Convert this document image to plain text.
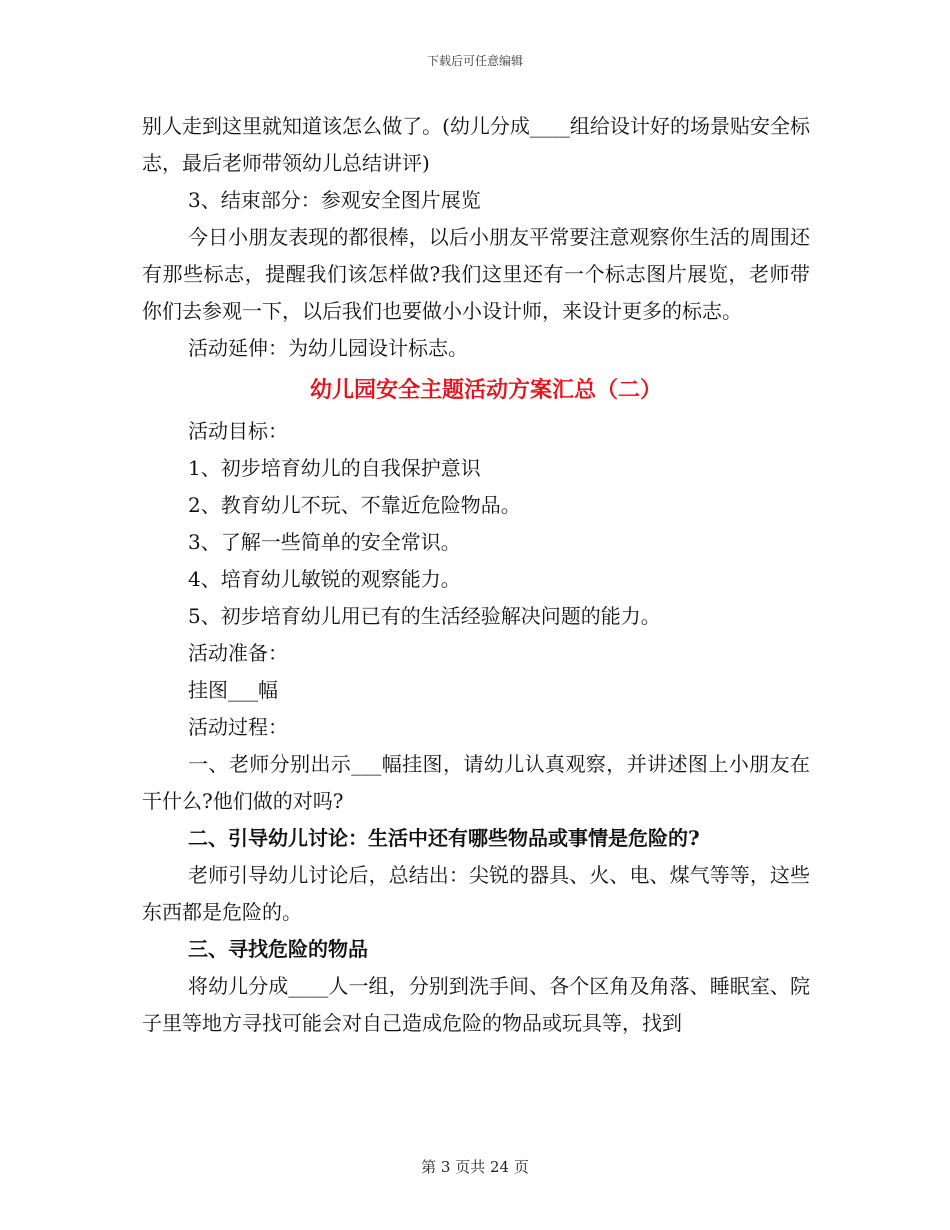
下载后可任意编辑

别人走到这里就知道该怎么做了。(幼儿分成____组给设计好的场景贴安全标志，最后老师带领幼儿总结讲评)

3、结束部分：参观安全图片展览

今日小朋友表现的都很棒，以后小朋友平常要注意观察你生活的周围还有那些标志，提醒我们该怎样做?我们这里还有一个标志图片展览，老师带你们去参观一下，以后我们也要做小小设计师，来设计更多的标志。

活动延伸：为幼儿园设计标志。

幼儿园安全主题活动方案汇总（二）

活动目标：

1、初步培育幼儿的自我保护意识

2、教育幼儿不玩、不靠近危险物品。

3、了解一些简单的安全常识。

4、培育幼儿敏锐的观察能力。

5、初步培育幼儿用已有的生活经验解决问题的能力。

活动准备：

挂图___幅

活动过程：

一、老师分别出示___幅挂图，请幼儿认真观察，并讲述图上小朋友在干什么?他们做的对吗?

二、引导幼儿讨论：生活中还有哪些物品或事情是危险的?

老师引导幼儿讨论后，总结出：尖锐的器具、火、电、煤气等等，这些东西都是危险的。

三、寻找危险的物品

将幼儿分成____人一组，分别到洗手间、各个区角及角落、睡眠室、院子里等地方寻找可能会对自己造成危险的物品或玩具等，找到

第 3 页共 24 页
